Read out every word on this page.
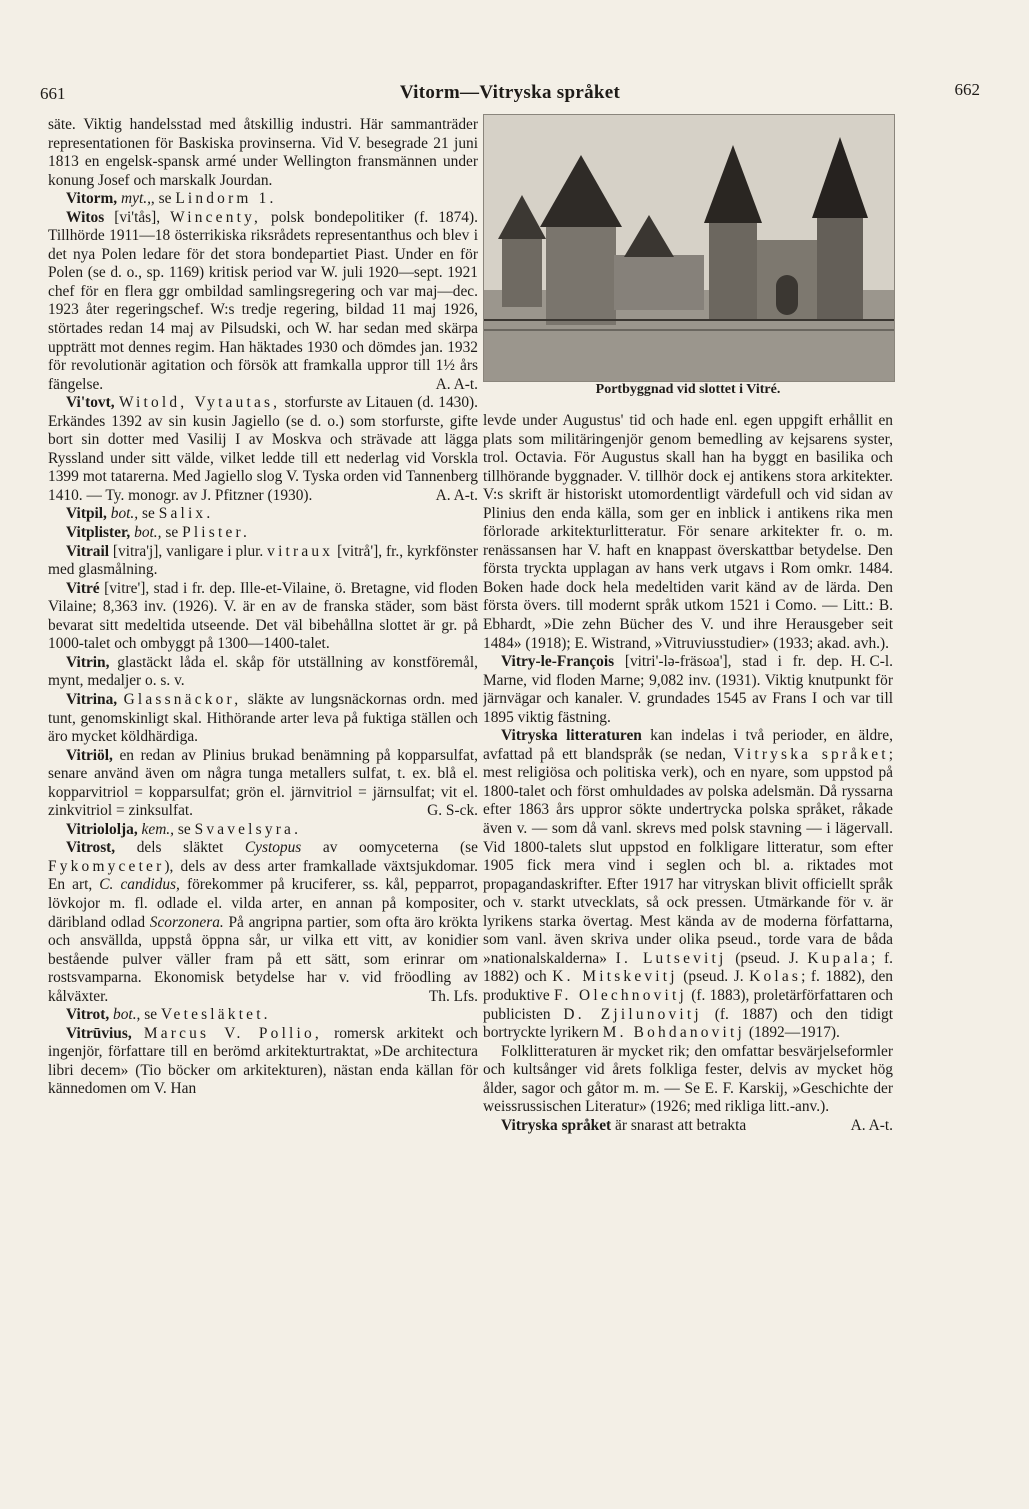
661	Vitorm—Vitryska språket	662

säte. Viktig handelsstad med åtskillig industri. Här sammanträder representationen för Baskiska provinserna. Vid V. besegrade 21 juni 1813 en engelsk-spansk armé under Wellington fransmännen under konung Josef och marskalk Jourdan.

Vitorm, myt.,, se Lindorm 1.

Witos [vi'tås], Wincenty, polsk bondepolitiker (f. 1874). Tillhörde 1911—18 österrikiska riksrådets representanthus och blev i det nya Polen ledare för det stora bondepartiet Piast. Under en för Polen (se d. o., sp. 1169) kritisk period var W. juli 1920—sept. 1921 chef för en flera ggr ombildad samlingsregering och var maj—dec. 1923 åter regeringschef. W:s tredje regering, bildad 11 maj 1926, störtades redan 14 maj av Pilsudski, och W. har sedan med skärpa uppträtt mot dennes regim. Han häktades 1930 och dömdes jan. 1932 för revolutionär agitation och försök att framkalla uppror till 1½ års fängelse.	A. A-t.

Vi'tovt, Witold, Vytautas, storfurste av Litauen (d. 1430). Erkändes 1392 av sin kusin Jagiello (se d. o.) som storfurste, gifte bort sin dotter med Vasilij I av Moskva och strävade att lägga Ryssland under sitt välde, vilket ledde till ett nederlag vid Vorskla 1399 mot tatarerna. Med Jagiello slog V. Tyska orden vid Tannenberg 1410. — Ty. monogr. av J. Pfitzner (1930).	A. A-t.

Vitpil, bot., se Salix.

Vitplister, bot., se Plister.

Vitrail [vitra'j], vanligare i plur. vitraux [vitrå'], fr., kyrkfönster med glasmålning.

Vitré [vitre'], stad i fr. dep. Ille-et-Vilaine, ö. Bretagne, vid floden Vilaine; 8,363 inv. (1926). V. är en av de franska städer, som bäst bevarat sitt medeltida utseende. Det väl bibehållna slottet är gr. på 1000-talet och ombyggt på 1300—1400-talet.

Vitrin, glastäckt låda el. skåp för utställning av konstföremål, mynt, medaljer o. s. v.

Vitrina, Glassnäckor, släkte av lungsnäckornas ordn. med tunt, genomskinligt skal. Hithörande arter leva på fuktiga ställen och äro mycket köldhärdiga.

Vitriöl, en redan av Plinius brukad benämning på kopparsulfat, senare använd även om några tunga metallers sulfat, t. ex. blå el. kopparvitriol = kopparsulfat; grön el. järnvitriol = järnsulfat; vit el. zinkvitriol = zinksulfat.	G. S-ck.

Vitriololja, kem., se Svavelsyra.

Vitrost, dels släktet Cystopus av oomyceterna (se Fykomyceter), dels av dess arter framkallade växtsjukdomar. En art, C. candidus, förekommer på kruciferer, ss. kål, pepparrot, lövkojor m. fl. odlade el. vilda arter, en annan på kompositer, däribland odlad Scorzonera. På angripna partier, som ofta äro krökta och ansvällda, uppstå öppna sår, ur vilka ett vitt, av konidier bestående pulver väller fram på ett sätt, som erinrar om rostsvamparna. Ekonomisk betydelse har v. vid fröodling av kålväxter.	Th. Lfs.

Vitrot, bot., se Vetesläktet.

Vitrūvius, Marcus V. Pollio, romersk arkitekt och ingenjör, författare till en berömd arkitekturtraktat, »De architectura libri decem» (Tio böcker om arkitekturen), nästan enda källan för kännedomen om V. Han

Portbyggnad vid slottet i Vitré.

levde under Augustus' tid och hade enl. egen uppgift erhållit en plats som militäringenjör genom bemedling av kejsarens syster, trol. Octavia. För Augustus skall han ha byggt en basilika och tillhörande byggnader. V. tillhör dock ej antikens stora arkitekter. V:s skrift är historiskt utomordentligt värdefull och vid sidan av Plinius den enda källa, som ger en inblick i antikens rika men förlorade arkitekturlitteratur. För senare arkitekter fr. o. m. renässansen har V. haft en knappast överskattbar betydelse. Den första tryckta upplagan av hans verk utgavs i Rom omkr. 1484. Boken hade dock hela medeltiden varit känd av de lärda. Den första övers. till modernt språk utkom 1521 i Como. — Litt.: B. Ebhardt, »Die zehn Bücher des V. und ihre Herausgeber seit 1484» (1918); E. Wistrand, »Vitruviusstudier» (1933; akad. avh.).
H. C-l.

Vitry-le-François [vitri'-lə-fräsωa'], stad i fr. dep. Marne, vid floden Marne; 9,082 inv. (1931). Viktig knutpunkt för järnvägar och kanaler. V. grundades 1545 av Frans I och var till 1895 viktig fästning.

Vitryska litteraturen kan indelas i två perioder, en äldre, avfattad på ett blandspråk (se nedan, Vitryska språket; mest religiösa och politiska verk), och en nyare, som uppstod på 1800-talet och först omhuldades av polska adelsmän. Då ryssarna efter 1863 års uppror sökte undertrycka polska språket, råkade även v. — som då vanl. skrevs med polsk stavning — i lägervall. Vid 1800-talets slut uppstod en folkligare litteratur, som efter 1905 fick mera vind i seglen och bl. a. riktades mot propagandaskrifter. Efter 1917 har vitryskan blivit officiellt språk och v. starkt utvecklats, så ock pressen. Utmärkande för v. är lyrikens starka övertag. Mest kända av de moderna författarna, som vanl. även skriva under olika pseud., torde vara de båda »nationalskalderna» I. Lutsevitj (pseud. J. Kupala; f. 1882) och K. Mitskevitj (pseud. J. Kolas; f. 1882), den produktive F. Olechnovitj (f. 1883), proletärförfattaren och publicisten D. Zjilunovitj (f. 1887) och den tidigt bortryckte lyrikern M. Bohdanovitj (1892—1917).

Folklitteraturen är mycket rik; den omfattar besvärjelseformler och kultsånger vid årets folkliga fester, delvis av mycket hög ålder, sagor och gåtor m. m. — Se E. F. Karskij, »Geschichte der weissrussischen Literatur» (1926; med rikliga litt.-anv.).
A. A-t.

Vitryska språket är snarast att betrakta
